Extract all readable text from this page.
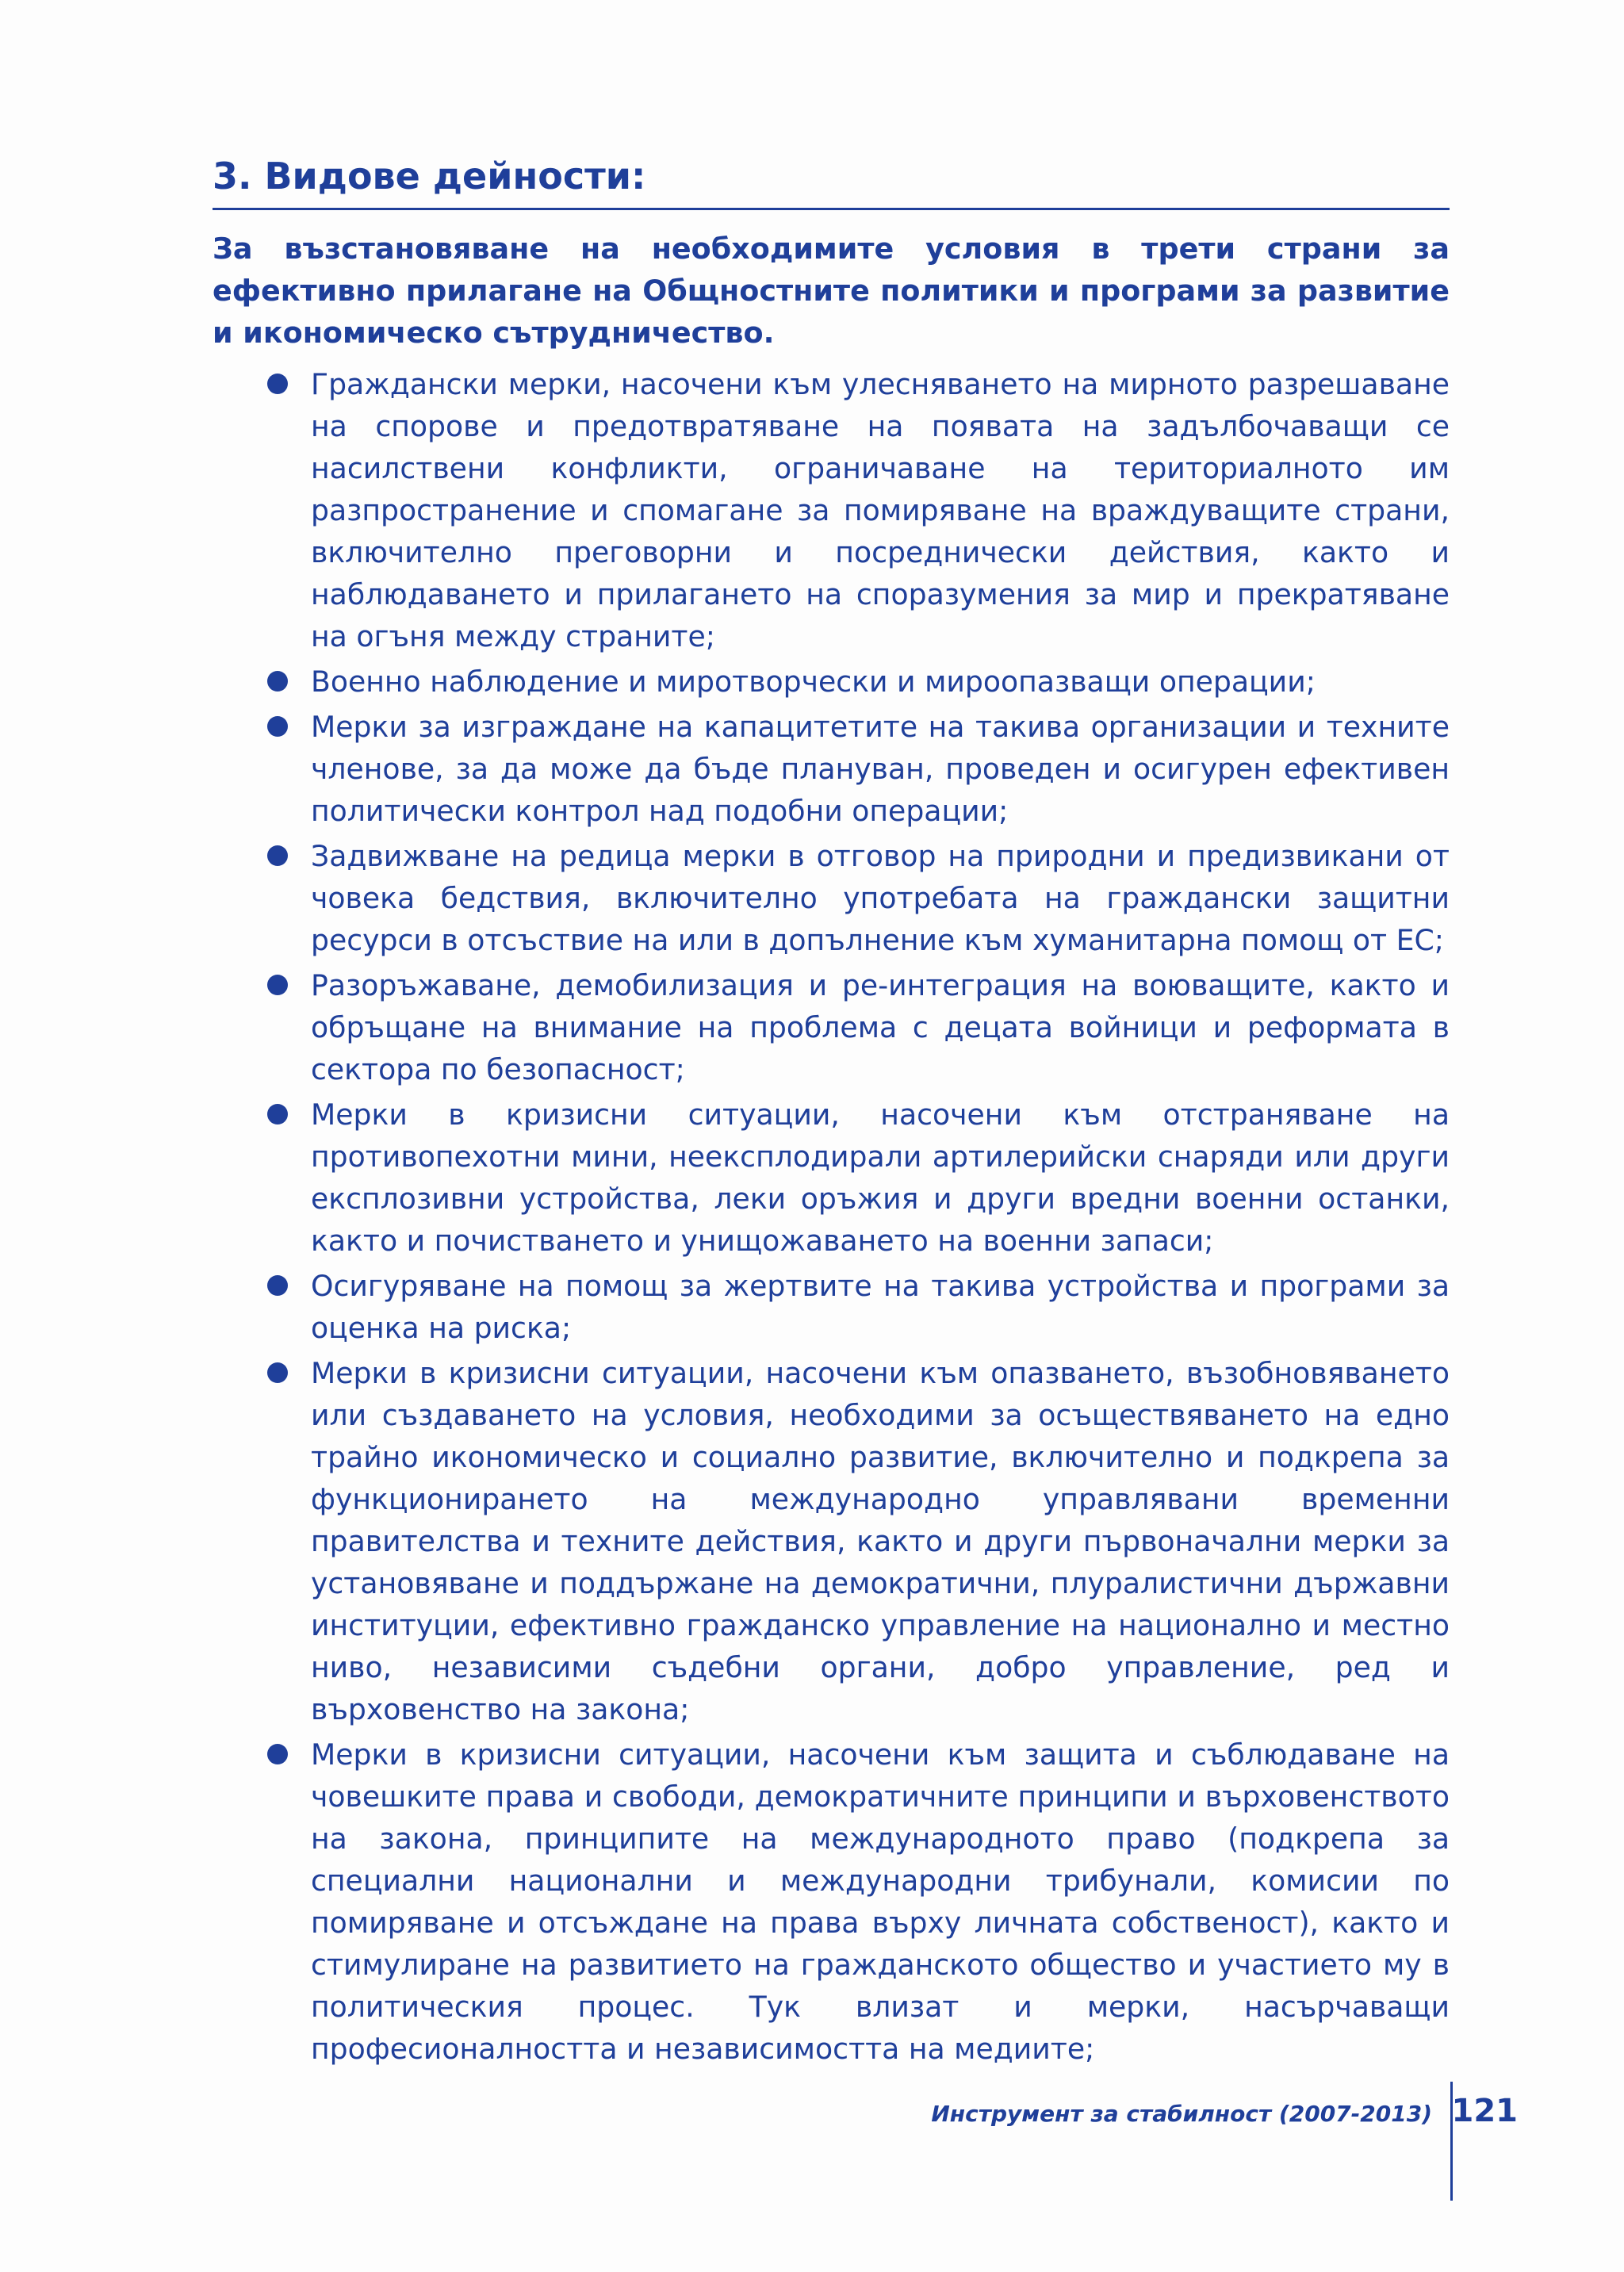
3. Видове дейности:

За възстановяване на необходимите условия в трети страни за ефективно прилагане на Общностните политики и програми за развитие и икономическо сътрудничество.

Граждански мерки, насочени към улесняването на мирното разрешаване на спорове и предотвратяване на появата на задълбочаващи се насилствени конфликти, ограничаване на териториалното им разпространение и спомагане за помиряване на враждуващите страни, включително преговорни и посреднически действия, както и наблюдаването и прилагането на споразумения за мир и прекратяване на огъня между страните;
Военно наблюдение и миротворчески и мироопазващи операции;
Мерки за изграждане на капацитетите на такива организации и техните членове, за да може да бъде плануван, проведен и осигурен ефективен политически контрол над подобни операции;
Задвижване на редица мерки в отговор на природни и предизвикани от човека бедствия, включително употребата на граждански защитни ресурси в отсъствие на или в допълнение към хуманитарна помощ от ЕС;
Разоръжаване, демобилизация и ре-интеграция на воюващите, както и обръщане на внимание на проблема с децата войници и реформата в сектора по безопасност;
Мерки в кризисни ситуации, насочени към отстраняване на противопехотни мини, неексплодирали артилерийски снаряди или други експлозивни устройства, леки оръжия и други вредни военни останки, както и почистването и унищожаването на военни запаси;
Осигуряване на помощ за жертвите на такива устройства и програми за оценка на риска;
Мерки в кризисни ситуации, насочени към опазването, възобновяването или създаването на условия, необходими за осъществяването на едно трайно икономическо и социално развитие, включително и подкрепа за функционирането на международно управлявани временни правителства и техните действия, както и други първоначални мерки за установяване и поддържане на демократични, плуралистични държавни институции, ефективно гражданско управление на национално и местно ниво, независими съдебни органи, добро управление, ред и върховенство на закона;
Мерки в кризисни ситуации, насочени към защита и съблюдаване на човешките права и свободи, демократичните принципи и върховенството на закона, принципите на международното право (подкрепа за специални национални и международни трибунали, комисии по помиряване и отсъждане на права върху личната собственост), както и стимулиране на развитието на гражданското общество и участието му в политическия процес. Тук влизат и мерки, насърчаващи професионалността и независимостта на медиите;
Инструмент за стабилност (2007-2013) 121
